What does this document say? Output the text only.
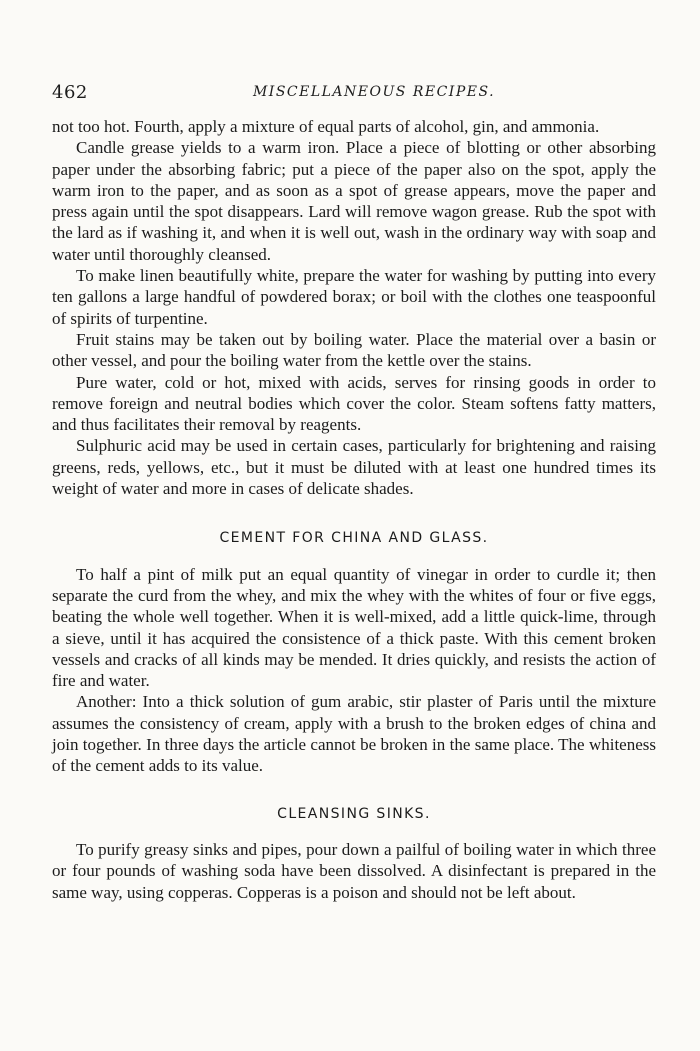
462	MISCELLANEOUS RECIPES.

not too hot. Fourth, apply a mixture of equal parts of alcohol, gin, and ammonia.

Candle grease yields to a warm iron. Place a piece of blotting or other absorbing paper under the absorbing fabric; put a piece of the paper also on the spot, apply the warm iron to the paper, and as soon as a spot of grease appears, move the paper and press again until the spot disappears. Lard will remove wagon grease. Rub the spot with the lard as if washing it, and when it is well out, wash in the ordinary way with soap and water until thoroughly cleansed.

To make linen beautifully white, prepare the water for washing by putting into every ten gallons a large handful of powdered borax; or boil with the clothes one teaspoonful of spirits of turpentine.

Fruit stains may be taken out by boiling water. Place the material over a basin or other vessel, and pour the boiling water from the kettle over the stains.

Pure water, cold or hot, mixed with acids, serves for rinsing goods in order to remove foreign and neutral bodies which cover the color. Steam softens fatty matters, and thus facilitates their removal by reagents.

Sulphuric acid may be used in certain cases, particularly for brightening and raising greens, reds, yellows, etc., but it must be diluted with at least one hundred times its weight of water and more in cases of delicate shades.

CEMENT FOR CHINA AND GLASS.

To half a pint of milk put an equal quantity of vinegar in order to curdle it; then separate the curd from the whey, and mix the whey with the whites of four or five eggs, beating the whole well together. When it is well-mixed, add a little quick-lime, through a sieve, until it has acquired the consistence of a thick paste. With this cement broken vessels and cracks of all kinds may be mended. It dries quickly, and resists the action of fire and water.

Another: Into a thick solution of gum arabic, stir plaster of Paris until the mixture assumes the consistency of cream, apply with a brush to the broken edges of china and join together. In three days the article cannot be broken in the same place. The whiteness of the cement adds to its value.

CLEANSING SINKS.

To purify greasy sinks and pipes, pour down a pailful of boiling water in which three or four pounds of washing soda have been dissolved. A disinfectant is prepared in the same way, using copperas. Copperas is a poison and should not be left about.
